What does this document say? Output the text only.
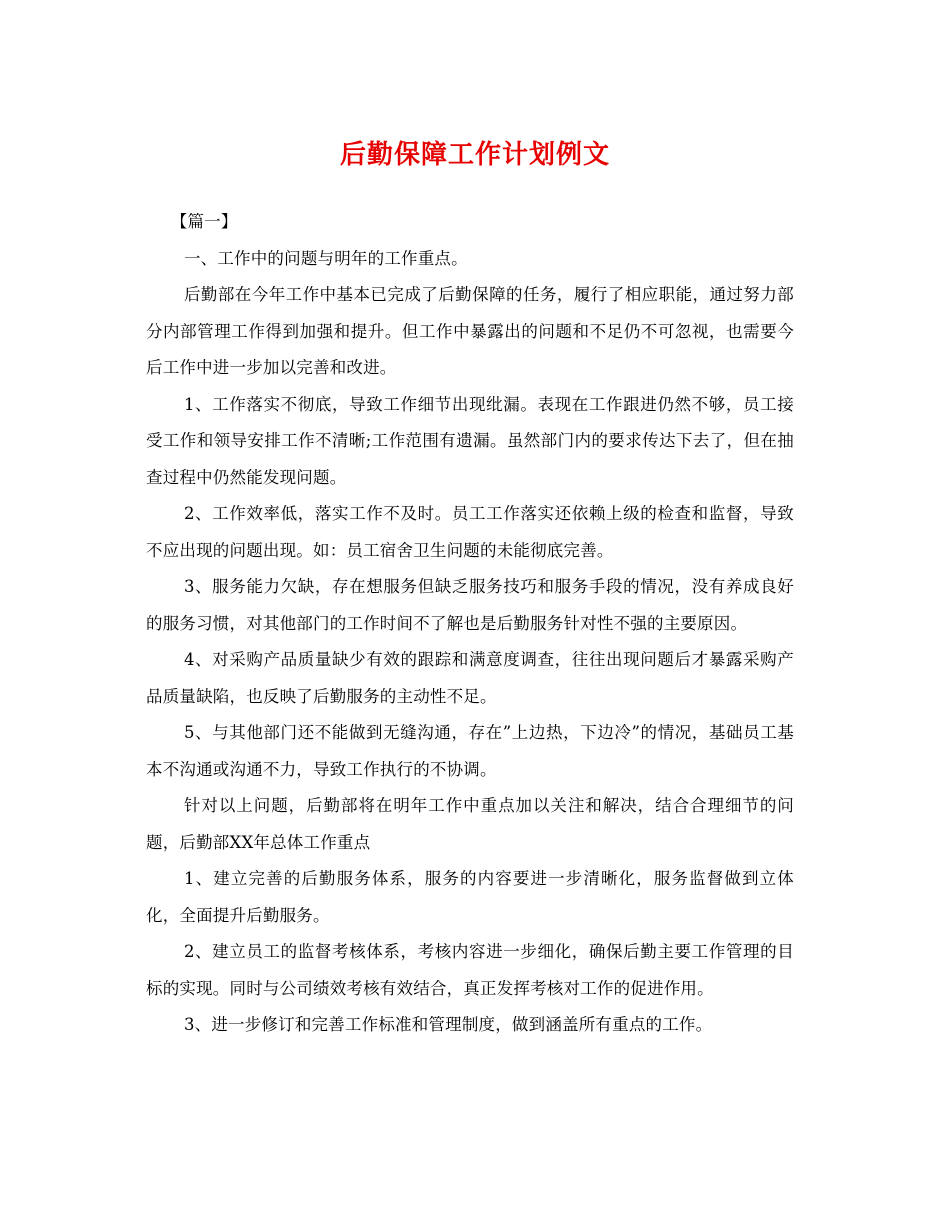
后勤保障工作计划例文

【篇一】

一、工作中的问题与明年的工作重点。

后勤部在今年工作中基本已完成了后勤保障的任务，履行了相应职能，通过努力部分内部管理工作得到加强和提升。但工作中暴露出的问题和不足仍不可忽视，也需要今后工作中进一步加以完善和改进。

1、工作落实不彻底，导致工作细节出现纰漏。表现在工作跟进仍然不够，员工接受工作和领导安排工作不清晰;工作范围有遗漏。虽然部门内的要求传达下去了，但在抽查过程中仍然能发现问题。

2、工作效率低，落实工作不及时。员工工作落实还依赖上级的检查和监督，导致不应出现的问题出现。如：员工宿舍卫生问题的未能彻底完善。

3、服务能力欠缺，存在想服务但缺乏服务技巧和服务手段的情况，没有养成良好的服务习惯，对其他部门的工作时间不了解也是后勤服务针对性不强的主要原因。

4、对采购产品质量缺少有效的跟踪和满意度调查，往往出现问题后才暴露采购产品质量缺陷，也反映了后勤服务的主动性不足。

5、与其他部门还不能做到无缝沟通，存在”上边热，下边冷”的情况，基础员工基本不沟通或沟通不力，导致工作执行的不协调。

针对以上问题，后勤部将在明年工作中重点加以关注和解决，结合合理细节的问题，后勤部XX年总体工作重点

1、建立完善的后勤服务体系，服务的内容要进一步清晰化，服务监督做到立体化，全面提升后勤服务。

2、建立员工的监督考核体系，考核内容进一步细化，确保后勤主要工作管理的目标的实现。同时与公司绩效考核有效结合，真正发挥考核对工作的促进作用。

3、进一步修订和完善工作标准和管理制度，做到涵盖所有重点的工作。
